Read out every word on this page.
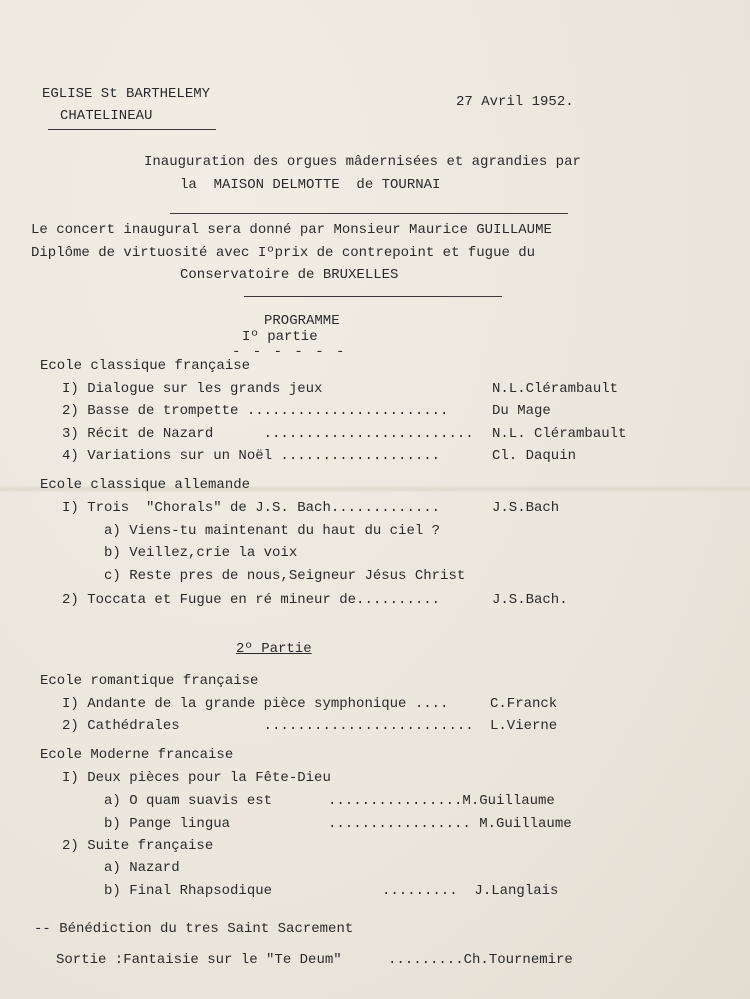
EGLISE St BARTHELEMY
CHATELINEAU
27 Avril 1952.
Inauguration des orgues mâdernisées et agrandies par
la  MAISON DELMOTTE  de TOURNAI
Le concert inaugural sera donné par Monsieur Maurice GUILLAUME
Diplôme de virtuosité avec Iºprix de contrepoint et fugue du
Conservatoire de BRUXELLES
PROGRAMME
Iº partie
- - - - - -
Ecole classique française
I) Dialogue sur les grands jeux	N.L.Clérambault
2) Basse de trompette ........................	Du Mage
3) Récit de Nazard      ......................... N.L. Clérambault
4) Variations sur un Noël ...................	Cl. Daquin
Ecole classique allemande
I) Trois  "Chorals" de J.S. Bach.............	J.S.Bach
a) Viens-tu maintenant du haut du ciel ?
b) Veillez,crie la voix
c) Reste pres de nous,Seigneur Jésus Christ
2) Toccata et Fugue en ré mineur de..........	J.S.Bach.
2º Partie
Ecole romantique française
I) Andante de la grande pièce symphonique ....	C.Franck
2) Cathédrales          ......................... L.Vierne
Ecole Moderne francaise
I) Deux pièces pour la Fête-Dieu
a) O quam suavis est	................M.Guillaume
b) Pange lingua	................. M.Guillaume
2) Suite française
a) Nazard
b) Final Rhapsodique	.........  J.Langlais
-- Bénédiction du tres Saint Sacrement
Sortie :Fantaisie sur le "Te Deum"	.........Ch.Tournemire
